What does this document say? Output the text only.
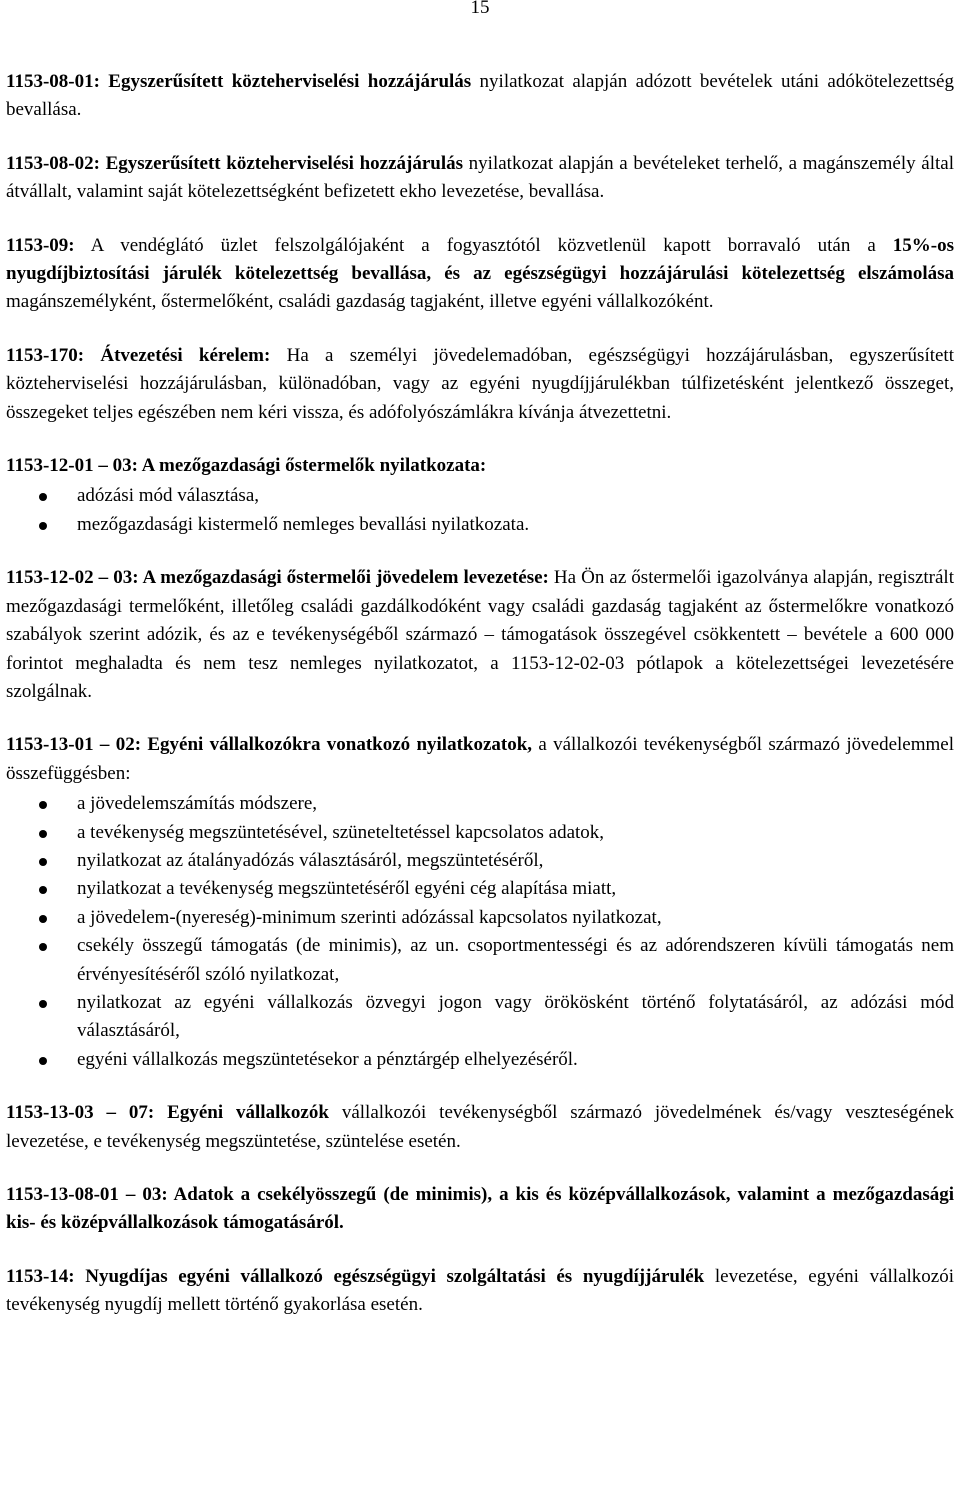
15

1153-08-01: Egyszerűsített közteherviselési hozzájárulás nyilatkozat alapján adózott bevételek utáni adókötelezettség bevallása.

1153-08-02: Egyszerűsített közteherviselési hozzájárulás nyilatkozat alapján a bevételeket terhelő, a magánszemély által átvállalt, valamint saját kötelezettségként befizetett ekho levezetése, bevallása.

1153-09: A vendéglátó üzlet felszolgálójaként a fogyasztótól közvetlenül kapott borravaló után a 15%-os nyugdíjbiztosítási járulék kötelezettség bevallása, és az egészségügyi hozzájárulási kötelezettség elszámolása magánszemélyként, őstermelőként, családi gazdaság tagjaként, illetve egyéni vállalkozóként.

1153-170: Átvezetési kérelem: Ha a személyi jövedelemadóban, egészségügyi hozzájárulásban, egyszerűsített közteherviselési hozzájárulásban, különadóban, vagy az egyéni nyugdíjjárulékban túlfizetésként jelentkező összeget, összegeket teljes egészében nem kéri vissza, és adófolyószámlákra kívánja átvezettetni.

1153-12-01 – 03: A mezőgazdasági őstermelők nyilatkozata:

adózási mód választása,
mezőgazdasági kistermelő nemleges bevallási nyilatkozata.

1153-12-02 – 03: A mezőgazdasági őstermelői jövedelem levezetése: Ha Ön az őstermelői igazolványa alapján, regisztrált mezőgazdasági termelőként, illetőleg családi gazdálkodóként vagy családi gazdaság tagjaként az őstermelőkre vonatkozó szabályok szerint adózik, és az e tevékenységéből származó – támogatások összegével csökkentett – bevétele a 600 000 forintot meghaladta és nem tesz nemleges nyilatkozatot, a 1153-12-02-03 pótlapok a kötelezettségei levezetésére szolgálnak.

1153-13-01 – 02: Egyéni vállalkozókra vonatkozó nyilatkozatok, a vállalkozói tevékenységből származó jövedelemmel összefüggésben:

a jövedelemszámítás módszere,
a tevékenység megszüntetésével, szüneteltetéssel kapcsolatos adatok,
nyilatkozat az átalányadózás választásáról, megszüntetéséről,
nyilatkozat a tevékenység megszüntetéséről egyéni cég alapítása miatt,
a jövedelem-(nyereség)-minimum szerinti adózással kapcsolatos nyilatkozat,
csekély összegű támogatás (de minimis), az un. csoportmentességi és az adórendszeren kívüli támogatás nem érvényesítéséről szóló nyilatkozat,
nyilatkozat az egyéni vállalkozás özvegyi jogon vagy örökösként történő folytatásáról, az adózási mód választásáról,
egyéni vállalkozás megszüntetésekor a pénztárgép elhelyezéséről.

1153-13-03 – 07: Egyéni vállalkozók vállalkozói tevékenységből származó jövedelmének és/vagy veszteségének levezetése, e tevékenység megszüntetése, szüntelése esetén.

1153-13-08-01 – 03: Adatok a csekélyösszegű (de minimis), a kis és középvállalkozások, valamint a mezőgazdasági kis- és középvállalkozások támogatásáról.

1153-14: Nyugdíjas egyéni vállalkozó egészségügyi szolgáltatási és nyugdíjjárulék levezetése, egyéni vállalkozói tevékenység nyugdíj mellett történő gyakorlása esetén.
